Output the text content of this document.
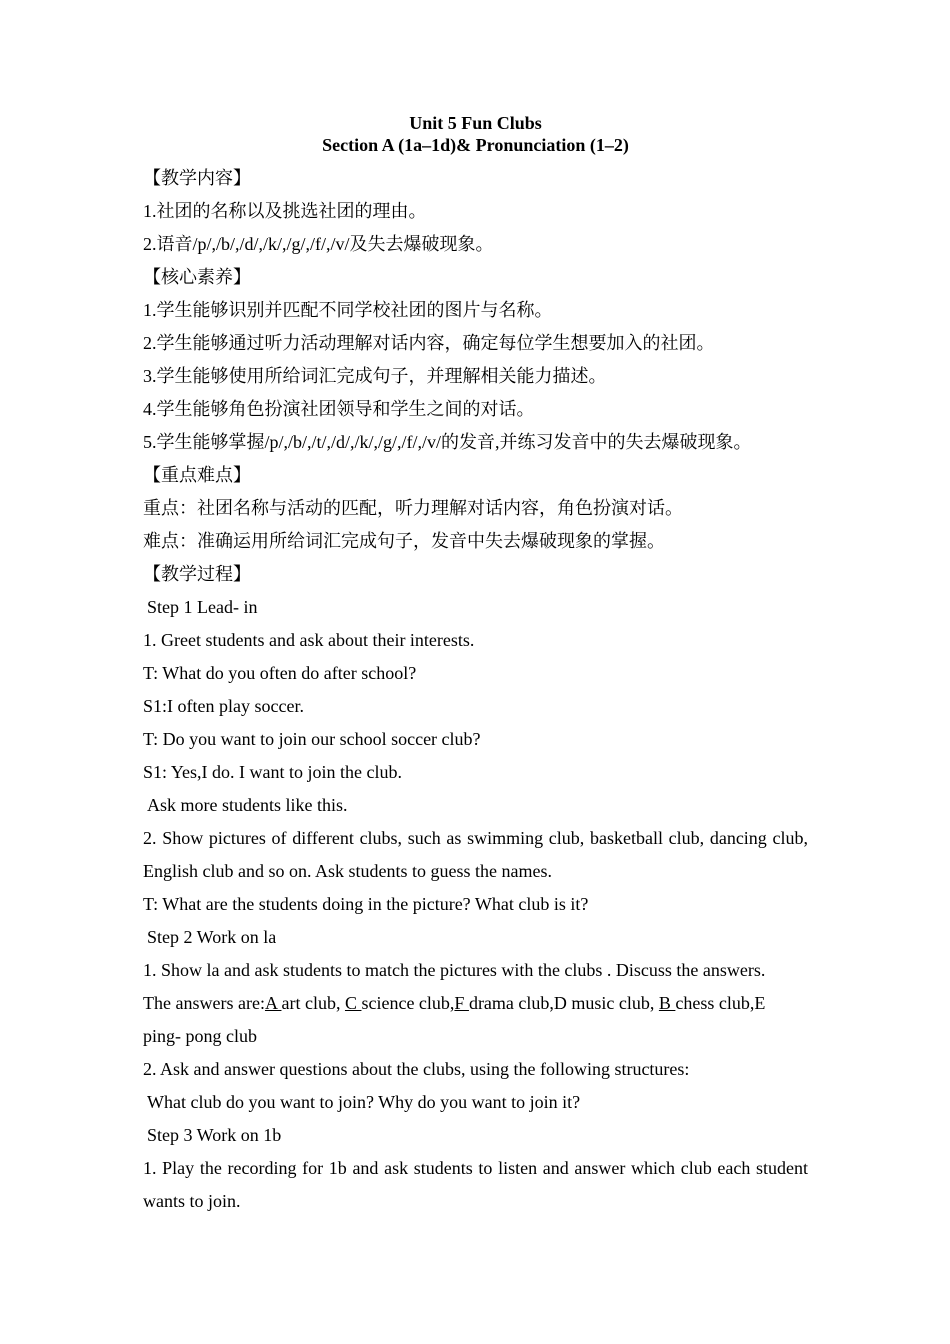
Unit 5 Fun Clubs
Section A (1a–1d)& Pronunciation (1–2)
【教学内容】
1.社团的名称以及挑选社团的理由。
2.语音/p/,/b/,/d/,/k/,/g/,/f/,/v/及失去爆破现象。
【核心素养】
1.学生能够识别并匹配不同学校社团的图片与名称。
2.学生能够通过听力活动理解对话内容，确定每位学生想要加入的社团。
3.学生能够使用所给词汇完成句子，并理解相关能力描述。
4.学生能够角色扮演社团领导和学生之间的对话。
5.学生能够掌握/p/,/b/,/t/,/d/,/k/,/g/,/f/,/v/的发音,并练习发音中的失去爆破现象。
【重点难点】
重点：社团名称与活动的匹配，听力理解对话内容，角色扮演对话。
难点：准确运用所给词汇完成句子，发音中失去爆破现象的掌握。
【教学过程】
Step 1 Lead- in
1. Greet students and ask about their interests.
T: What do you often do after school?
S1:I often play soccer.
T: Do you want to join our school soccer club?
S1: Yes,I do. I want to join the club.
Ask more students like this.
2. Show pictures of different clubs, such as swimming club, basketball club, dancing club, English club and so on. Ask students to guess the names.
T: What are the students doing in the picture? What club is it?
Step 2 Work on la
1. Show la and ask students to match the pictures with the clubs . Discuss the answers.
The answers are:A art club, C science club,F drama club,D music club, B chess club,E
ping- pong club
2. Ask and answer questions about the clubs, using the following structures:
What club do you want to join? Why do you want to join it?
Step 3 Work on 1b
1. Play the recording for 1b and ask students to listen and answer which club each student wants to join.
